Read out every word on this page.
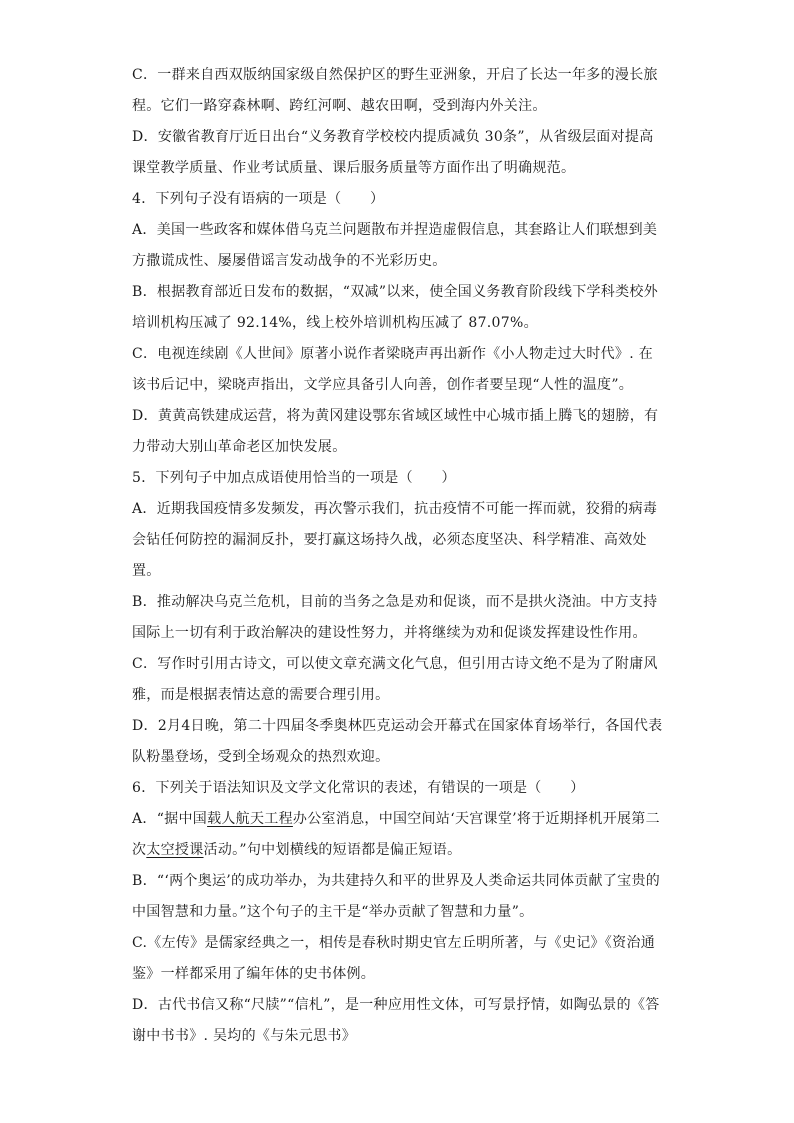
C．一群来自西双版纳国家级自然保护区的野生亚洲象，开启了长达一年多的漫长旅程。它们一路穿森林啊、跨红河啊、越农田啊，受到海内外关注。

D．安徽省教育厅近日出台“义务教育学校校内提质减负 30条”，从省级层面对提高课堂教学质量、作业考试质量、课后服务质量等方面作出了明确规范。

4．下列句子没有语病的一项是（　　）

A．美国一些政客和媒体借乌克兰问题散布并捏造虚假信息，其套路让人们联想到美方撒谎成性、屡屡借谣言发动战争的不光彩历史。

B．根据教育部近日发布的数据，“双减”以来，使全国义务教育阶段线下学科类校外培训机构压减了 92.14%，线上校外培训机构压减了 87.07%。

C．电视连续剧《人世间》原著小说作者梁晓声再出新作《小人物走过大时代》. 在该书后记中，梁晓声指出，文学应具备引人向善，创作者要呈现“人性的温度”。

D．黄黄高铁建成运营，将为黄冈建设鄂东省域区域性中心城市插上腾飞的翅膀，有力带动大别山革命老区加快发展。

5．下列句子中加点成语使用恰当的一项是（　　）

A．近期我国疫情多发频发，再次警示我们，抗击疫情不可能一挥而就，狡猾的病毒会钻任何防控的漏洞反扑，要打赢这场持久战，必须态度坚决、科学精准、高效处置。

B．推动解决乌克兰危机，目前的当务之急是劝和促谈，而不是拱火浇油。中方支持国际上一切有利于政治解决的建设性努力，并将继续为劝和促谈发挥建设性作用。

C．写作时引用古诗文，可以使文章充满文化气息，但引用古诗文绝不是为了附庸风雅，而是根据表情达意的需要合理引用。

D．2月4日晚，第二十四届冬季奥林匹克运动会开幕式在国家体育场举行，各国代表队粉墨登场，受到全场观众的热烈欢迎。

6．下列关于语法知识及文学文化常识的表述，有错误的一项是（　　）

A．“据中国载人航天工程办公室消息，中国空间站‘天宫课堂’将于近期择机开展第二次太空授课活动。”句中划横线的短语都是偏正短语。

B．“‘两个奥运’的成功举办，为共建持久和平的世界及人类命运共同体贡献了宝贵的中国智慧和力量。”这个句子的主干是“举办贡献了智慧和力量”。

C.《左传》是儒家经典之一，相传是春秋时期史官左丘明所著，与《史记》《资治通鉴》一样都采用了编年体的史书体例。

D．古代书信又称“尺牍”“信札”，是一种应用性文体，可写景抒情，如陶弘景的《答谢中书书》. 吴均的《与朱元思书》
